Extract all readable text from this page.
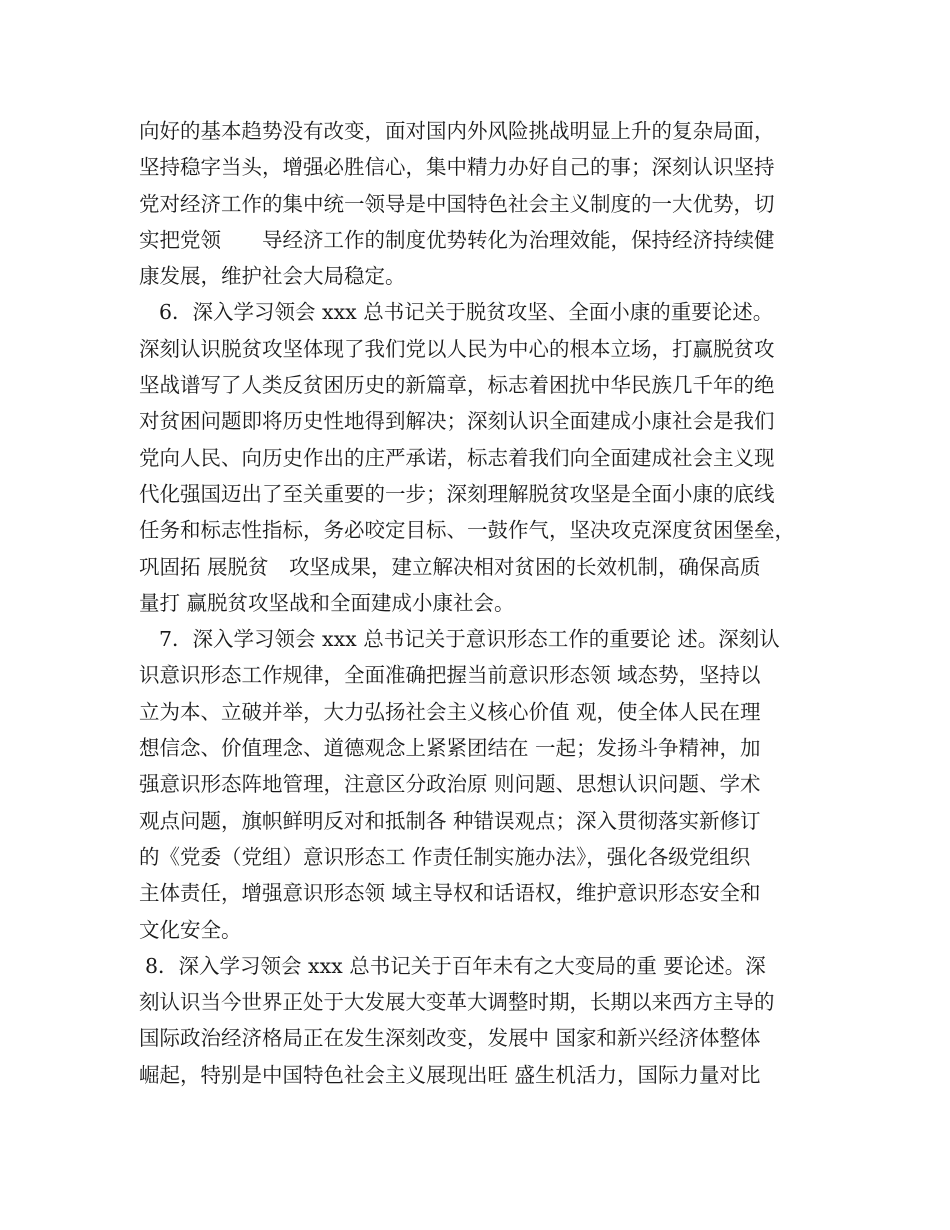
向好的基本趋势没有改变，面对国内外风险挑战明显上升的复杂局面，
坚持稳字当头，增强必胜信心，集中精力办好自己的事；深刻认识坚持
党对经济工作的集中统一领导是中国特色社会主义制度的一大优势，切
实把党领　　导经济工作的制度优势转化为治理效能，保持经济持续健
康发展，维护社会大局稳定。
6．深入学习领会 xxx 总书记关于脱贫攻坚、全面小康的重要论述。
深刻认识脱贫攻坚体现了我们党以人民为中心的根本立场，打赢脱贫攻
坚战谱写了人类反贫困历史的新篇章，标志着困扰中华民族几千年的绝
对贫困问题即将历史性地得到解决；深刻认识全面建成小康社会是我们
党向人民、向历史作出的庄严承诺，标志着我们向全面建成社会主义现
代化强国迈出了至关重要的一步；深刻理解脱贫攻坚是全面小康的底线
任务和标志性指标，务必咬定目标、一鼓作气，坚决攻克深度贫困堡垒，
巩固拓 展脱贫　攻坚成果，建立解决相对贫困的长效机制，确保高质
量打 赢脱贫攻坚战和全面建成小康社会。
7．深入学习领会 xxx 总书记关于意识形态工作的重要论 述。深刻认
识意识形态工作规律，全面准确把握当前意识形态领 域态势，坚持以
立为本、立破并举，大力弘扬社会主义核心价值 观，使全体人民在理
想信念、价值理念、道德观念上紧紧团结在 一起；发扬斗争精神，加
强意识形态阵地管理，注意区分政治原 则问题、思想认识问题、学术
观点问题，旗帜鲜明反对和抵制各 种错误观点；深入贯彻落实新修订
的《党委（党组）意识形态工 作责任制实施办法》，强化各级党组织
主体责任，增强意识形态领 域主导权和话语权，维护意识形态安全和
文化安全。
8．深入学习领会 xxx 总书记关于百年未有之大变局的重 要论述。深
刻认识当今世界正处于大发展大变革大调整时期，长期以来西方主导的
国际政治经济格局正在发生深刻改变，发展中 国家和新兴经济体整体
崛起，特别是中国特色社会主义展现出旺 盛生机活力，国际力量对比
